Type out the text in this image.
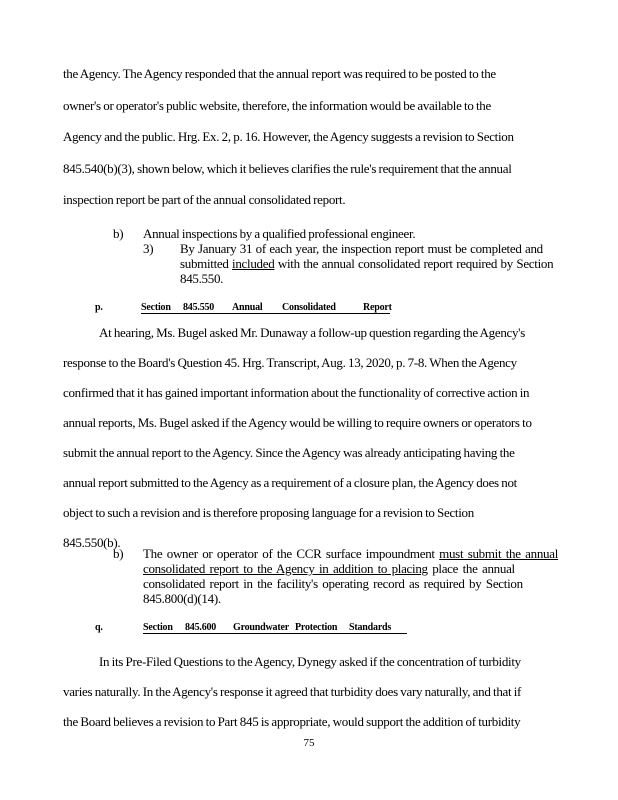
the Agency. The Agency responded that the annual report was required to be posted to the
owner's or operator's public website, therefore, the information would be available to the
Agency and the public. Hrg. Ex. 2, p. 16. However, the Agency suggests a revision to Section
845.540(b)(3), shown below, which it believes clarifies the rule's requirement that the annual
inspection report be part of the annual consolidated report.
b) Annual inspections by a qualified professional engineer.
3) By January 31 of each year, the inspection report must be completed and
submitted included with the annual consolidated report required by Section
845.550.
p.	Section 845.550 Annual Consolidated	Report
At hearing, Ms. Bugel asked Mr. Dunaway a follow-up question regarding the Agency's
response to the Board's Question 45. Hrg. Transcript, Aug. 13, 2020, p. 7-8. When the Agency
confirmed that it has gained important information about the functionality of corrective action in
annual reports, Ms. Bugel asked if the Agency would be willing to require owners or operators to
submit the annual report to the Agency. Since the Agency was already anticipating having the
annual report submitted to the Agency as a requirement of a closure plan, the Agency does not
object to such a revision and is therefore proposing language for a revision to Section
845.550(b).
b) The owner or operator of the CCR surface impoundment must submit the annual
consolidated report to the Agency in addition to placing place the annual
consolidated report in the facility's operating record as required by Section
845.800(d)(14).
q.	Section 845.600 Groundwater Protection Standards
In its Pre-Filed Questions to the Agency, Dynegy asked if the concentration of turbidity
varies naturally. In the Agency's response it agreed that turbidity does vary naturally, and that if
the Board believes a revision to Part 845 is appropriate, would support the addition of turbidity
75
